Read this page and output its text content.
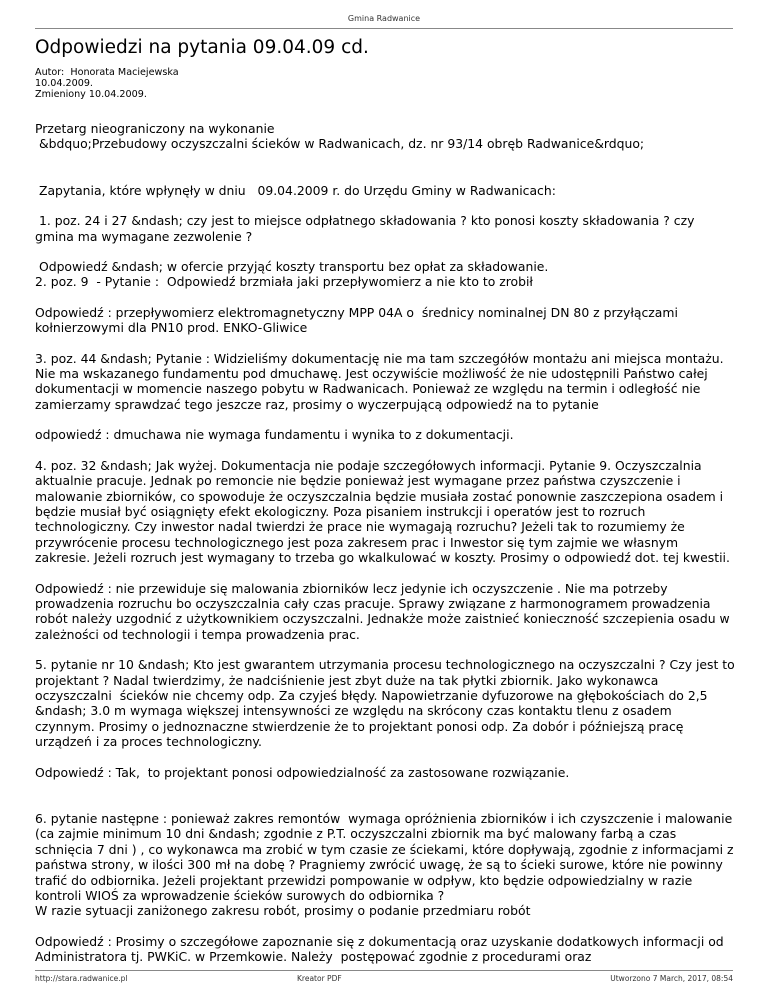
Gmina Radwanice
Odpowiedzi na pytania 09.04.09 cd.
Autor:  Honorata Maciejewska
10.04.2009.
Zmieniony 10.04.2009.

Przetarg nieograniczony na wykonanie
&bdquo;Przebudowy oczyszczalni ścieków w Radwanicach, dz. nr 93/14 obręb Radwanice&rdquo;

Zapytania, które wpłynęły w dniu   09.04.2009 r. do Urzędu Gminy w Radwanicach:

1. poz. 24 i 27 &ndash; czy jest to miejsce odpłatnego składowania ? kto ponosi koszty składowania ? czy gmina ma wymagane zezwolenie ?

Odpowiedź &ndash; w ofercie przyjąć koszty transportu bez opłat za składowanie.
2. poz. 9  - Pytanie :  Odpowiedź brzmiała jaki przepływomierz a nie kto to zrobił

Odpowiedź : przepływomierz elektromagnetyczny MPP 04A o  średnicy nominalnej DN 80 z przyłączami kołnierzowymi dla PN10 prod. ENKO-Gliwice

3. poz. 44 &ndash; Pytanie : Widzieliśmy dokumentację nie ma tam szczegółów montażu ani miejsca montażu. Nie ma wskazanego fundamentu pod dmuchawę. Jest oczywiście możliwość że nie udostępnili Państwo całej dokumentacji w momencie naszego pobytu w Radwanicach. Ponieważ ze względu na termin i odległość nie zamierzamy sprawdzać tego jeszcze raz, prosimy o wyczerpującą odpowiedź na to pytanie

odpowiedź : dmuchawa nie wymaga fundamentu i wynika to z dokumentacji.

4. poz. 32 &ndash; Jak wyżej. Dokumentacja nie podaje szczegółowych informacji. Pytanie 9. Oczyszczalnia aktualnie pracuje. Jednak po remoncie nie będzie ponieważ jest wymagane przez państwa czyszczenie i malowanie zbiorników, co spowoduje że oczyszczalnia będzie musiała zostać ponownie zaszczepiona osadem i będzie musiał być osiągnięty efekt ekologiczny. Poza pisaniem instrukcji i operatów jest to rozruch technologiczny. Czy inwestor nadal twierdzi że prace nie wymagają rozruchu? Jeżeli tak to rozumiemy że przywrócenie procesu technologicznego jest poza zakresem prac i Inwestor się tym zajmie we własnym zakresie. Jeżeli rozruch jest wymagany to trzeba go wkalkulować w koszty. Prosimy o odpowiedź dot. tej kwestii.

Odpowiedź : nie przewiduje się malowania zbiorników lecz jedynie ich oczyszczenie . Nie ma potrzeby prowadzenia rozruchu bo oczyszczalnia cały czas pracuje. Sprawy związane z harmonogramem prowadzenia robót należy uzgodnić z użytkownikiem oczyszczalni. Jednakże może zaistnieć konieczność szczepienia osadu w zależności od technologii i tempa prowadzenia prac.

5. pytanie nr 10 &ndash; Kto jest gwarantem utrzymania procesu technologicznego na oczyszczalni ? Czy jest to projektant ? Nadal twierdzimy, że nadciśnienie jest zbyt duże na tak płytki zbiornik. Jako wykonawca oczyszczalni  ścieków nie chcemy odp. Za czyjeś błędy. Napowietrzanie dyfuzorowe na głębokościach do 2,5 &ndash; 3.0 m wymaga większej intensywności ze względu na skrócony czas kontaktu tlenu z osadem czynnym. Prosimy o jednoznaczne stwierdzenie że to projektant ponosi odp. Za dobór i późniejszą pracę urządzeń i za proces technologiczny.

Odpowiedź : Tak,  to projektant ponosi odpowiedzialność za zastosowane rozwiązanie.

6. pytanie następne : ponieważ zakres remontów  wymaga opróżnienia zbiorników i ich czyszczenie i malowanie (ca zajmie minimum 10 dni &ndash; zgodnie z P.T. oczyszczalni zbiornik ma być malowany farbą a czas schnięcia 7 dni ) , co wykonawca ma zrobić w tym czasie ze ściekami, które dopływają, zgodnie z informacjami z państwa strony, w ilości 300 mł na dobę ? Pragniemy zwrócić uwagę, że są to ścieki surowe, które nie powinny trafić do odbiornika. Jeżeli projektant przewidzi pompowanie w odpływ, kto będzie odpowiedzialny w razie kontroli WIOŚ za wprowadzenie ścieków surowych do odbiornika ?
W razie sytuacji zaniżonego zakresu robót, prosimy o podanie przedmiaru robót

Odpowiedź : Prosimy o szczegółowe zapoznanie się z dokumentacją oraz uzyskanie dodatkowych informacji od Administratora tj. PWKiC. w Przemkowie. Należy  postępować zgodnie z procedurami oraz

http://stara.radwanice.pl	Kreator PDF	Utworzono 7 March, 2017, 08:54
